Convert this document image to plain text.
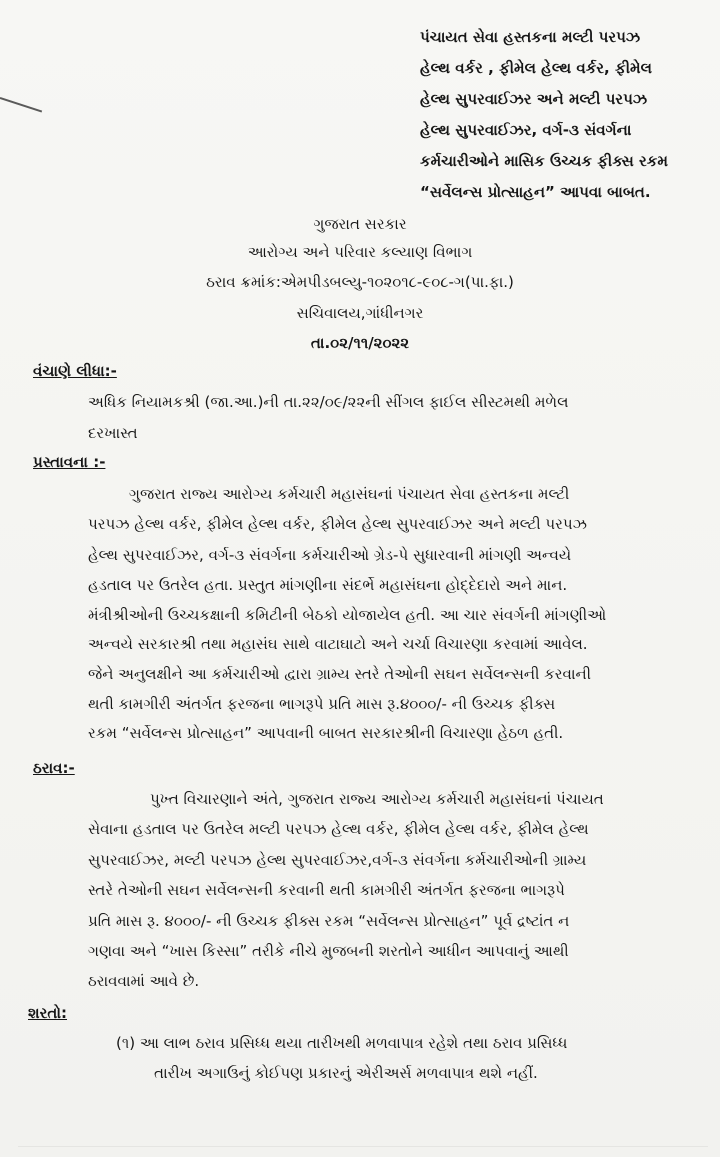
પંચાયત સેવા હસ્તકના મલ્ટી પરપઝ
હેલ્થ વર્કર , ફીમેલ હેલ્થ વર્કર, ફીમેલ
હેલ્થ સુપરવાઈઝર અને મલ્ટી પરપઝ
હેલ્થ સુપરવાઈઝર, વર્ગ-૩ સંવર્ગના
કર્મચારીઓને માસિક ઉચ્ચક ફીક્સ રકમ
“સર્વેલન્સ પ્રોત્સાહન” આપવા બાબત.
ગુજરાત સરકાર
આરોગ્ય અને પરિવાર કલ્યાણ વિભાગ
ઠરાવ ક્રમાંક:એમપીડબલ્યુ-૧૦૨૦૧૮-૯૦૮-ગ(પા.ફા.)
સચિવાલય,ગાંધીનગર
તા.૦૨/૧૧/૨૦૨૨
વંચાણે લીધા:-
અધિક નિયામકશ્રી (જા.આ.)ની તા.૨૨/૦૯/૨૨ની સીંગલ ફાઈલ સીસ્ટમથી મળેલ
દરખાસ્ત
પ્રસ્તાવના :-
ગુજરાત રાજ્ય આરોગ્ય કર્મચારી મહાસંઘનાં પંચાયત સેવા હસ્તકના મલ્ટી
પરપઝ હેલ્થ વર્કર, ફીમેલ હેલ્થ વર્કર, ફીમેલ હેલ્થ સુપરવાઈઝર અને મલ્ટી પરપઝ
હેલ્થ સુપરવાઈઝર, વર્ગ-૩ સંવર્ગના કર્મચારીઓ ગ્રેડ-પે સુધારવાની માંગણી અન્વયે
હડતાલ પર ઉતરેલ હતા. પ્રસ્તુત માંગણીના સંદર્ભે મહાસંઘના હોદ્દેદારો અને માન.
મંત્રીશ્રીઓની ઉચ્ચકક્ષાની કમિટીની બેઠકો યોજાયેલ હતી. આ ચાર સંવર્ગની માંગણીઓ
અન્વયે સરકારશ્રી તથા મહાસંઘ સાથે વાટાઘાટો અને ચર્ચા વિચારણા કરવામાં આવેલ.
જેને અનુલક્ષીને આ કર્મચારીઓ દ્વારા ગ્રામ્ય સ્તરે તેઓની સઘન સર્વેલન્સની કરવાની
થતી કામગીરી અંતર્ગત ફરજના ભાગરૂપે પ્રતિ માસ રૂ.૪૦૦૦/- ની ઉચ્ચક ફીક્સ
રકમ “સર્વેલન્સ પ્રોત્સાહન” આપવાની બાબત સરકારશ્રીની વિચારણા હેઠળ હતી.
ઠરાવ:-
પુખ્ત વિચારણાને અંતે, ગુજરાત રાજ્ય આરોગ્ય કર્મચારી મહાસંઘનાં પંચાયત
સેવાના હડતાલ પર ઉતરેલ મલ્ટી પરપઝ હેલ્થ વર્કર, ફીમેલ હેલ્થ વર્કર, ફીમેલ હેલ્થ
સુપરવાઈઝર, મલ્ટી પરપઝ હેલ્થ સુપરવાઈઝર,વર્ગ-૩ સંવર્ગના કર્મચારીઓની ગ્રામ્ય
સ્તરે તેઓની સઘન સર્વેલન્સની કરવાની થતી કામગીરી અંતર્ગત ફરજના ભાગરૂપે
પ્રતિ માસ રૂ. ૪૦૦૦/- ની ઉચ્ચક ફીક્સ રકમ “સર્વેલન્સ પ્રોત્સાહન” પૂર્વ દ્રષ્ટાંત ન
ગણવા અને “ખાસ કિસ્સા” તરીકે નીચે મુજબની શરતોને આધીન આપવાનું આથી
ઠરાવવામાં આવે છે.
શરતો:
(૧) આ લાભ ઠરાવ પ્રસિધ્ધ થયા તારીખથી મળવાપાત્ર રહેશે તથા ઠરાવ પ્રસિધ્ધ
તારીખ અગાઉનું કોઈપણ પ્રકારનું એરીઅર્સ મળવાપાત્ર થશે નહીં.
